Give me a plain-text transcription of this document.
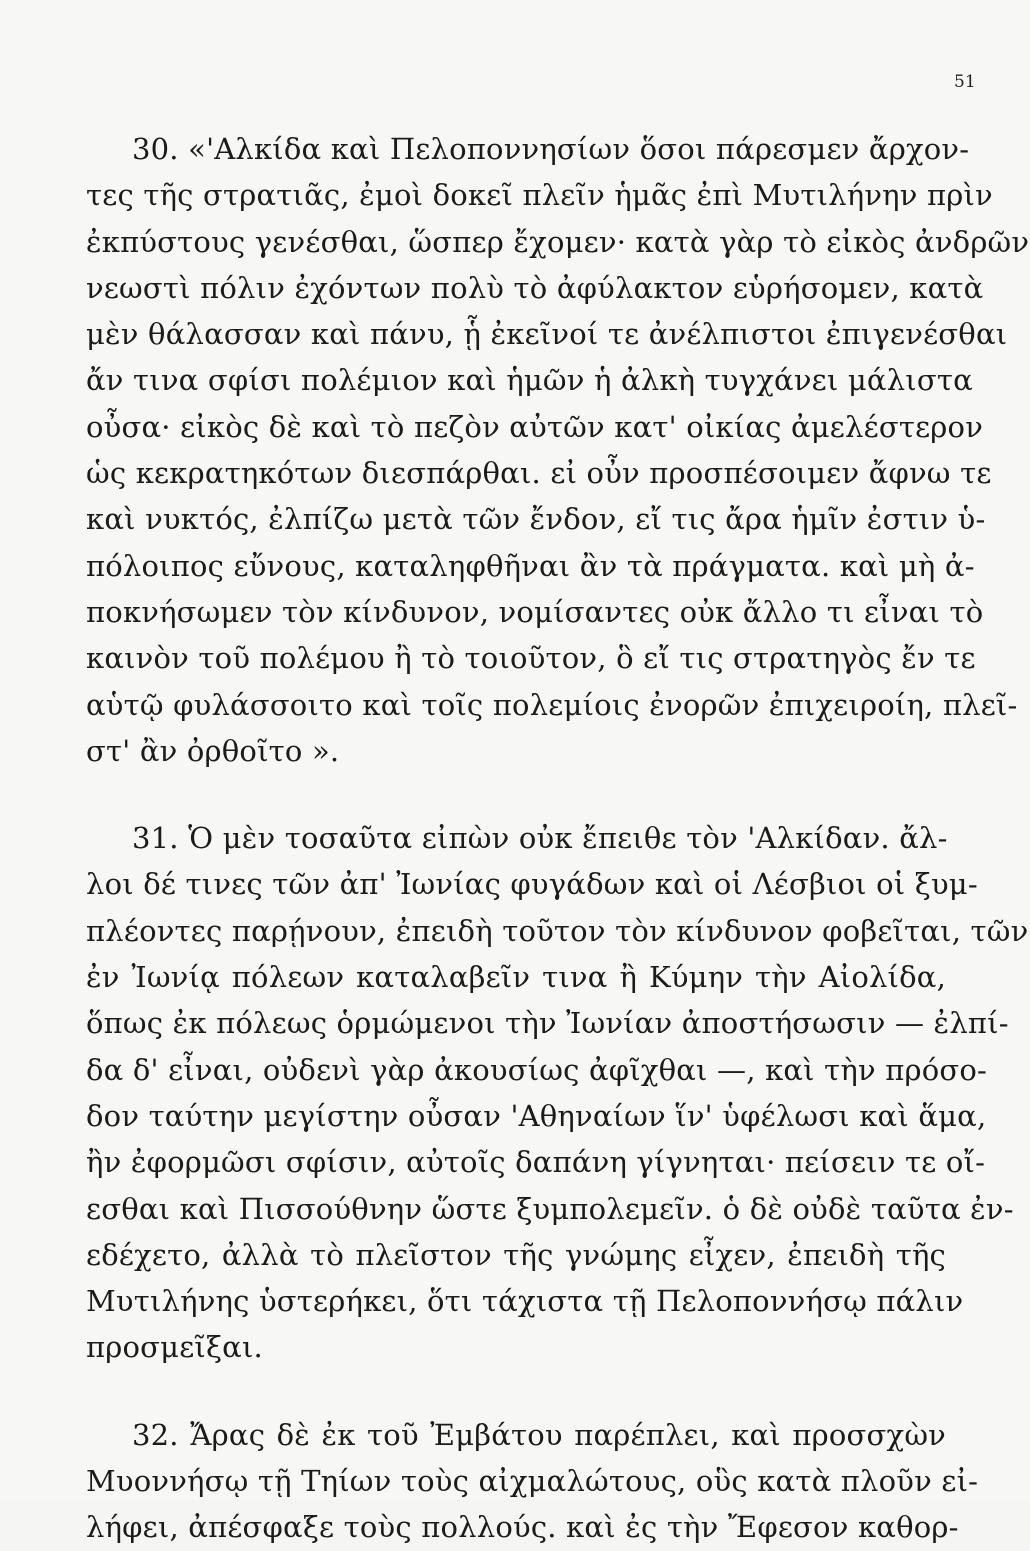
51
30. «'Αλκίδα καὶ Πελοποννησίων ὅσοι πάρεσμεν ἄρχον-
τες τῆς στρατιᾶς, ἐμοὶ δοκεῖ πλεῖν ἡμᾶς ἐπὶ Μυτιλήνην πρὶν
ἐκπύστους γενέσθαι, ὥσπερ ἔχομεν· κατὰ γὰρ τὸ εἰκὸς ἀνδρῶν
νεωστὶ πόλιν ἐχόντων πολὺ τὸ ἀφύλακτον εὑρήσομεν, κατὰ
μὲν θάλασσαν καὶ πάνυ, ᾗ ἐκεῖνοί τε ἀνέλπιστοι ἐπιγενέσθαι
ἄν τινα σφίσι πολέμιον καὶ ἡμῶν ἡ ἀλκὴ τυγχάνει μάλιστα
οὖσα· εἰκὸς δὲ καὶ τὸ πεζὸν αὐτῶν κατ' οἰκίας ἀμελέστερον
ὡς κεκρατηκότων διεσπάρθαι. εἰ οὖν προσπέσοιμεν ἄφνω τε
καὶ νυκτός, ἐλπίζω μετὰ τῶν ἔνδον, εἴ τις ἄρα ἡμῖν ἐστιν ὑ-
πόλοιπος εὔνους, καταληφθῆναι ἂν τὰ πράγματα. καὶ μὴ ἀ-
ποκνήσωμεν τὸν κίνδυνον, νομίσαντες οὐκ ἄλλο τι εἶναι τὸ
καινὸν τοῦ πολέμου ἢ τὸ τοιοῦτον, ὃ εἴ τις στρατηγὸς ἔν τε
αὑτῷ φυλάσσοιτο καὶ τοῖς πολεμίοις ἐνορῶν ἐπιχειροίη, πλεῖ-
στ' ἂν ὀρθοῖτο ».
31. Ὁ μὲν τοσαῦτα εἰπὼν οὐκ ἔπειθε τὸν 'Αλκίδαν. ἄλ-
λοι δέ τινες τῶν ἀπ' Ἰωνίας φυγάδων καὶ οἱ Λέσβιοι οἱ ξυμ-
πλέοντες παρῄνουν, ἐπειδὴ τοῦτον τὸν κίνδυνον φοβεῖται, τῶν
ἐν Ἰωνίᾳ πόλεων καταλαβεῖν τινα ἢ Κύμην τὴν Αἰολίδα,
ὅπως ἐκ πόλεως ὁρμώμενοι τὴν Ἰωνίαν ἀποστήσωσιν — ἐλπί-
δα δ' εἶναι, οὐδενὶ γὰρ ἀκουσίως ἀφῖχθαι —, καὶ τὴν πρόσο-
δον ταύτην μεγίστην οὖσαν 'Αθηναίων ἵν' ὑφέλωσι καὶ ἅμα,
ἢν ἐφορμῶσι σφίσιν, αὐτοῖς δαπάνη γίγνηται· πείσειν τε οἴ-
εσθαι καὶ Πισσούθνην ὥστε ξυμπολεμεῖν. ὁ δὲ οὐδὲ ταῦτα ἐν-
εδέχετο, ἀλλὰ τὸ πλεῖστον τῆς γνώμης εἶχεν, ἐπειδὴ τῆς
Μυτιλήνης ὑστερήκει, ὅτι τάχιστα τῇ Πελοποννήσῳ πάλιν
προσμεῖξαι.
32. Ἄρας δὲ ἐκ τοῦ Ἐμβάτου παρέπλει, καὶ προσσχὼν
Μυοννήσῳ τῇ Τηίων τοὺς αἰχμαλώτους, οὓς κατὰ πλοῦν εἰ-
λήφει, ἀπέσφαξε τοὺς πολλούς. καὶ ἐς τὴν Ἔφεσον καθορ-
